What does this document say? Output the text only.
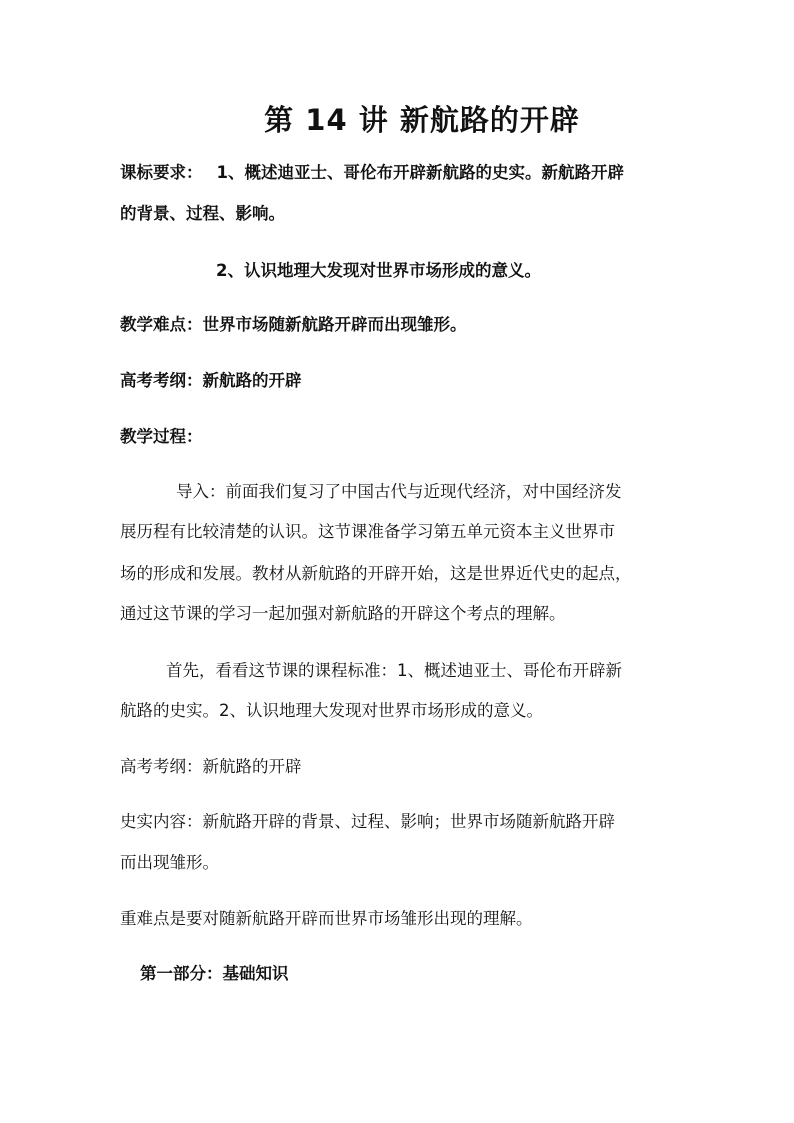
第 14 讲 新航路的开辟
课标要求： 1、概述迪亚士、哥伦布开辟新航路的史实。新航路开辟
的背景、过程、影响。
2、认识地理大发现对世界市场形成的意义。
教学难点：世界市场随新航路开辟而出现雏形。
高考考纲：新航路的开辟
教学过程：
导入：前面我们复习了中国古代与近现代经济，对中国经济发
展历程有比较清楚的认识。这节课准备学习第五单元资本主义世界市
场的形成和发展。教材从新航路的开辟开始，这是世界近代史的起点，
通过这节课的学习一起加强对新航路的开辟这个考点的理解。
首先，看看这节课的课程标准：1、概述迪亚士、哥伦布开辟新
航路的史实。2、认识地理大发现对世界市场形成的意义。
高考考纲：新航路的开辟
史实内容：新航路开辟的背景、过程、影响；世界市场随新航路开辟
而出现雏形。
重难点是要对随新航路开辟而世界市场雏形出现的理解。
第一部分：基础知识
